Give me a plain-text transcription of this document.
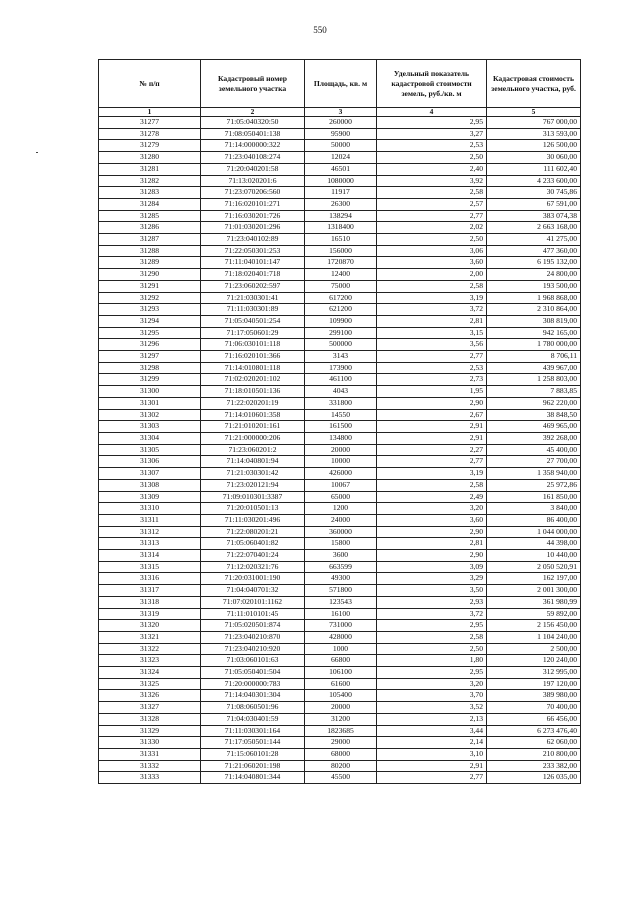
550
№ п/п	Кадастровый номер земельного участка	Площадь, кв. м	Удельный показатель кадастровой стоимости земель, руб./кв. м	Кадастровая стоимость земельного участка, руб.
1	2	3	4	5
31277	71:05:040320:50	260000	2,95	767 000,00
31278	71:08:050401:138	95900	3,27	313 593,00
31279	71:14:000000:322	50000	2,53	126 500,00
31280	71:23:040108:274	12024	2,50	30 060,00
31281	71:20:040201:58	46501	2,40	111 602,40
31282	71:13:020201:6	1080000	3,92	4 233 600,00
31283	71:23:070206:560	11917	2,58	30 745,86
31284	71:16:020101:271	26300	2,57	67 591,00
31285	71:16:030201:726	138294	2,77	383 074,38
31286	71:01:030201:296	1318400	2,02	2 663 168,00
31287	71:23:040102:89	16510	2,50	41 275,00
31288	71:22:050301:253	156000	3,06	477 360,00
31289	71:11:040101:147	1720870	3,60	6 195 132,00
31290	71:18:020401:718	12400	2,00	24 800,00
31291	71:23:060202:597	75000	2,58	193 500,00
31292	71:21:030301:41	617200	3,19	1 968 868,00
31293	71:11:030301:89	621200	3,72	2 310 864,00
31294	71:05:040501:254	109900	2,81	308 819,00
31295	71:17:050601:29	299100	3,15	942 165,00
31296	71:06:030101:118	500000	3,56	1 780 000,00
31297	71:16:020101:366	3143	2,77	8 706,11
31298	71:14:010801:118	173900	2,53	439 967,00
31299	71:02:020201:102	461100	2,73	1 258 803,00
31300	71:18:010501:136	4043	1,95	7 883,85
31301	71:22:020201:19	331800	2,90	962 220,00
31302	71:14:010601:358	14550	2,67	38 848,50
31303	71:21:010201:161	161500	2,91	469 965,00
31304	71:21:000000:206	134800	2,91	392 268,00
31305	71:23:060201:2	20000	2,27	45 400,00
31306	71:14:040801:94	10000	2,77	27 700,00
31307	71:21:030301:42	426000	3,19	1 358 940,00
31308	71:23:020121:94	10067	2,58	25 972,86
31309	71:09:010301:3387	65000	2,49	161 850,00
31310	71:20:010501:13	1200	3,20	3 840,00
31311	71:11:030201:496	24000	3,60	86 400,00
31312	71:22:080201:21	360000	2,90	1 044 000,00
31313	71:05:060401:82	15800	2,81	44 398,00
31314	71:22:070401:24	3600	2,90	10 440,00
31315	71:12:020321:76	663599	3,09	2 050 520,91
31316	71:20:031001:190	49300	3,29	162 197,00
31317	71:04:040701:32	571800	3,50	2 001 300,00
31318	71:07:020101:1162	123543	2,93	361 980,99
31319	71:11:010101:45	16100	3,72	59 892,00
31320	71:05:020501:874	731000	2,95	2 156 450,00
31321	71:23:040210:870	428000	2,58	1 104 240,00
31322	71:23:040210:920	1000	2,50	2 500,00
31323	71:03:060101:63	66800	1,80	120 240,00
31324	71:05:050401:504	106100	2,95	312 995,00
31325	71:20:000000:783	61600	3,20	197 120,00
31326	71:14:040301:304	105400	3,70	389 980,00
31327	71:08:060501:96	20000	3,52	70 400,00
31328	71:04:030401:59	31200	2,13	66 456,00
31329	71:11:030301:164	1823685	3,44	6 273 476,40
31330	71:17:050501:144	29000	2,14	62 060,00
31331	71:15:060101:28	68000	3,10	210 800,00
31332	71:21:060201:198	80200	2,91	233 382,00
31333	71:14:040801:344	45500	2,77	126 035,00
